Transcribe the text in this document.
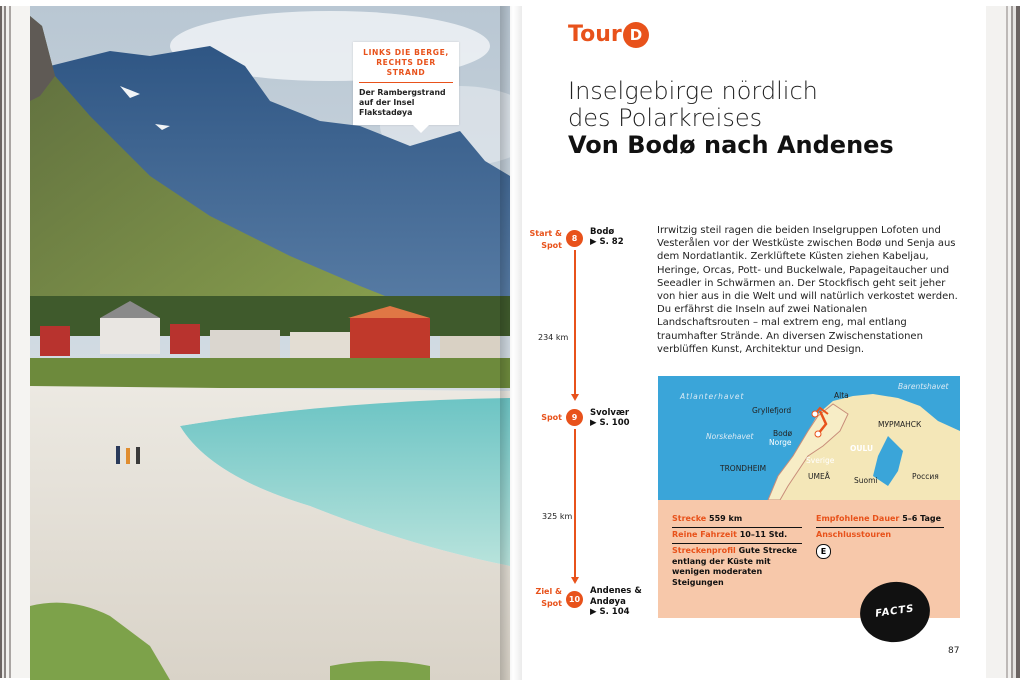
LINKS DIE BERGE, RECHTS DER STRAND
Der Rambergstrand auf der Insel Flakstadøya
Tour D
Inselgebirge nördlich
des Polarkreises
Von Bodø nach Andenes
Start & Spot
8
Bodø
▶ S. 82
234 km
Spot	9	Svolvær
▶ S. 100
325 km
Ziel & Spot 10
Andenes & Andøya
▶ S. 104
Irrwitzig steil ragen die beiden Inselgruppen Lofoten und Vesterålen vor der Westküste zwischen Bodø und Senja aus dem Nordatlantik. Zerklüftete Küsten ziehen Kabeljau, Heringe, Orcas, Pott- und Buckelwale, Papageitaucher und Seeadler in Schwärmen an. Der Stockfisch geht seit jeher von hier aus in die Welt und will natürlich verkostet werden. Du erfährst die Inseln auf zwei Nationalen Landschaftsrouten – mal extrem eng, mal entlang traumhafter Strände. An diversen Zwischenstationen verblüffen Kunst, Architektur und Design.
Atlanterhavet
Barentshavet
Norskehavet
Alta
Gryllefjord
Bodø
Norge
МУРМАНСК
OULU
Sverige
TRONDHEIM
UMEÅ	Suomi	Россия
Strecke 559 km
Reine Fahrzeit 10–11 Std.
Streckenprofil Gute Strecke entlang der Küste mit wenigen moderaten Steigungen
Empfohlene Dauer 5–6 Tage
Anschlusstouren
E
FACTS
87
